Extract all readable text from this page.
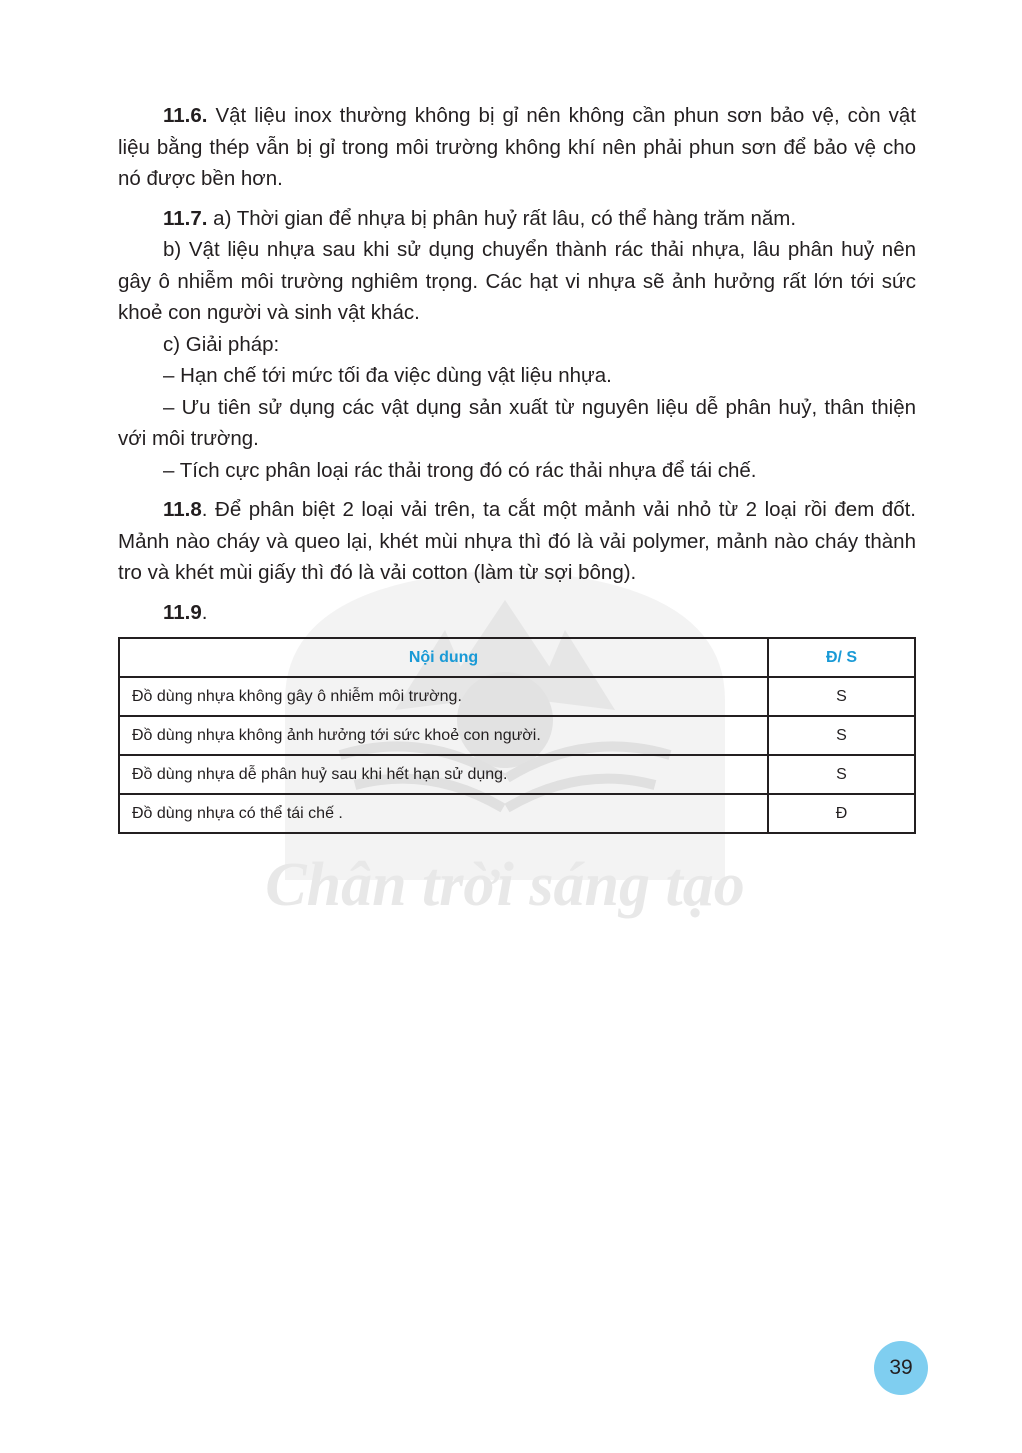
Chân trời sáng tạo

11.6. Vật liệu inox thường không bị gỉ nên không cần phun sơn bảo vệ, còn vật liệu bằng thép vẫn bị gỉ trong môi trường không khí nên phải phun sơn để bảo vệ cho nó được bền hơn.

11.7. a) Thời gian để nhựa bị phân huỷ rất lâu, có thể hàng trăm năm.

b) Vật liệu nhựa sau khi sử dụng chuyển thành rác thải nhựa, lâu phân huỷ nên gây ô nhiễm môi trường nghiêm trọng. Các hạt vi nhựa sẽ ảnh hưởng rất lớn tới sức khoẻ con người và sinh vật khác.

c) Giải pháp:

– Hạn chế tới mức tối đa việc dùng vật liệu nhựa.

– Ưu tiên sử dụng các vật dụng sản xuất từ nguyên liệu dễ phân huỷ, thân thiện với môi trường.

– Tích cực phân loại rác thải trong đó có rác thải nhựa để tái chế.

11.8. Để phân biệt 2 loại vải trên, ta cắt một mảnh vải nhỏ từ 2 loại rồi đem đốt. Mảnh nào cháy và queo lại, khét mùi nhựa thì đó là vải polymer, mảnh nào cháy thành tro và khét mùi giấy thì đó là vải cotton (làm từ sợi bông).

11.9.

Nội dung	Đ/ S
Đồ dùng nhựa không gây ô nhiễm môi trường.	S
Đồ dùng nhựa không ảnh hưởng tới sức khoẻ con người.	S
Đồ dùng nhựa dễ phân huỷ sau khi hết hạn sử dụng.	S
Đồ dùng nhựa có thể tái chế .	Đ
39
